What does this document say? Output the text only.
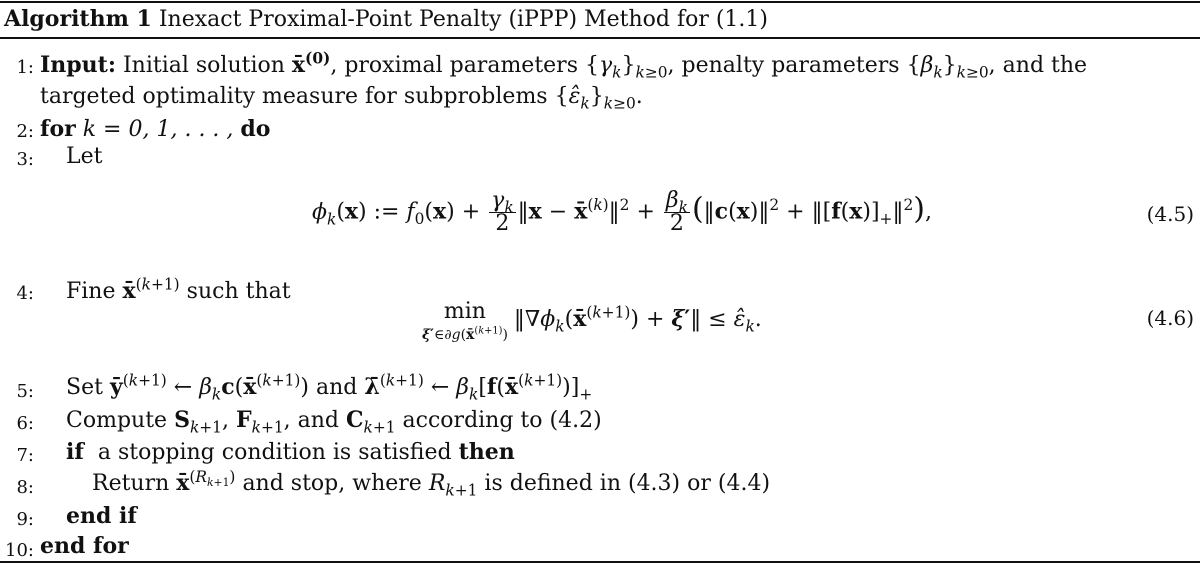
Algorithm 1 Inexact Proximal-Point Penalty (iPPP) Method for (1.1)
1: Input: Initial solution x̄$^{(0)}$, proximal parameters $\{\gamma_k\}_{k\ge 0}$, penalty parameters $\{\beta_k\}_{k\ge 0}$, and the
targeted optimality measure for subproblems $\{\varepsilon̂_k\}_{k\ge 0}$.
2: for k = 0, 1, . . . , do
3: Let
$\phi_k(x)$ := $f_0(x) + \frac{\gamma_k}{2}$ ‖x − x̄$^{(k)}$‖$^2$ + $\frac{\beta_k}{2}$ (‖c(x)‖$^2$ + $‖[f(x)]_+‖^2$),	(4.5)
4: Fine x̄$^{(k+1)}$ such that
min
ξ′∈∂g(x̄$^{(k+1)}$)
$‖\nabla\phi_k(x̄^{(k+1)})$ + ξ′‖ ≤ $\varepsilon̂_k$.	(4.6)
5: Set $ȳ^{(k+1)}$ ← $\beta_kc(x̄^{(k+1)})$ and λ̄$^{(k+1)}$ ← $\beta_k[f(x̄^{(k+1)})]_+$
6: Compute $S_{k+1}$, $F_{k+1}$, and $C_{k+1}$ according to (4.2)
7: if a stopping condition is satisfied then
8:	Return x̄$^{(R_{k+1})}$ and stop, where $R_{k+1}$ is defined in (4.3) or (4.4)
9: end if
10: end for
